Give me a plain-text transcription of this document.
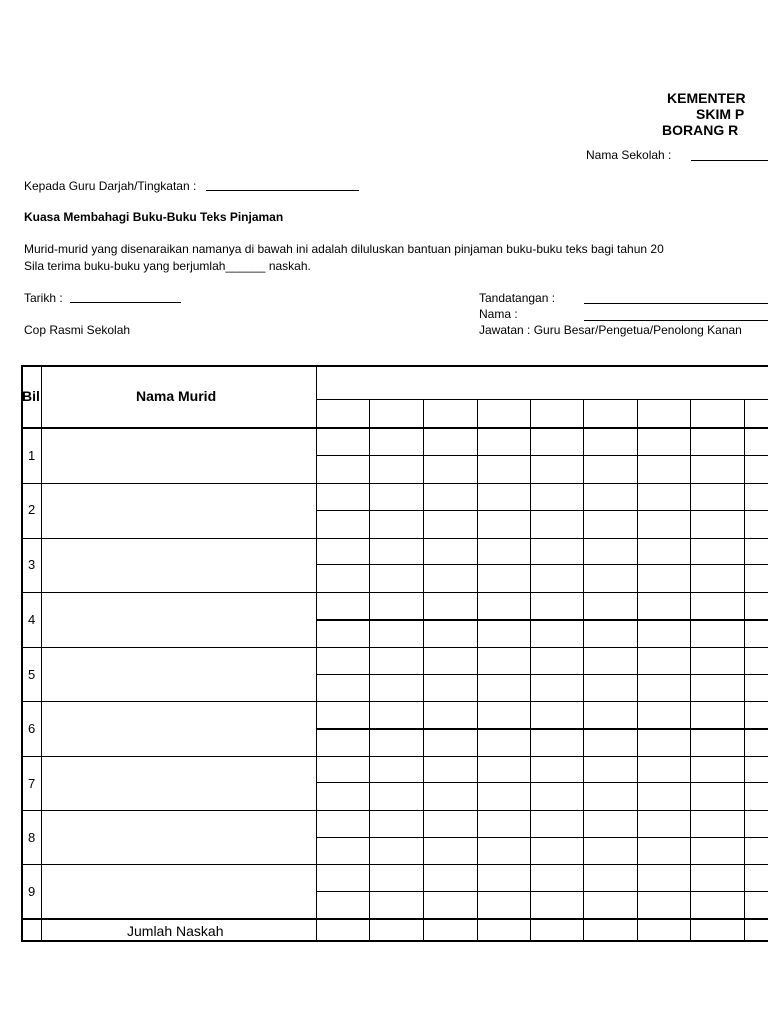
KEMENTER
SKIM P
BORANG R
Nama Sekolah :
Kepada Guru Darjah/Tingkatan :
Kuasa Membahagi Buku-Buku Teks Pinjaman
Murid-murid yang disenaraikan namanya di bawah ini adalah diluluskan bantuan pinjaman buku-buku teks bagi tahun 20
Sila terima buku-buku yang berjumlah______ naskah.
Tarikh :
Cop Rasmi Sekolah
Tandatangan :
Nama :
Jawatan : Guru Besar/Pengetua/Penolong Kanan
Bil	Nama Murid
1
2
3
4
5
6
7
8
9
Jumlah Naskah
